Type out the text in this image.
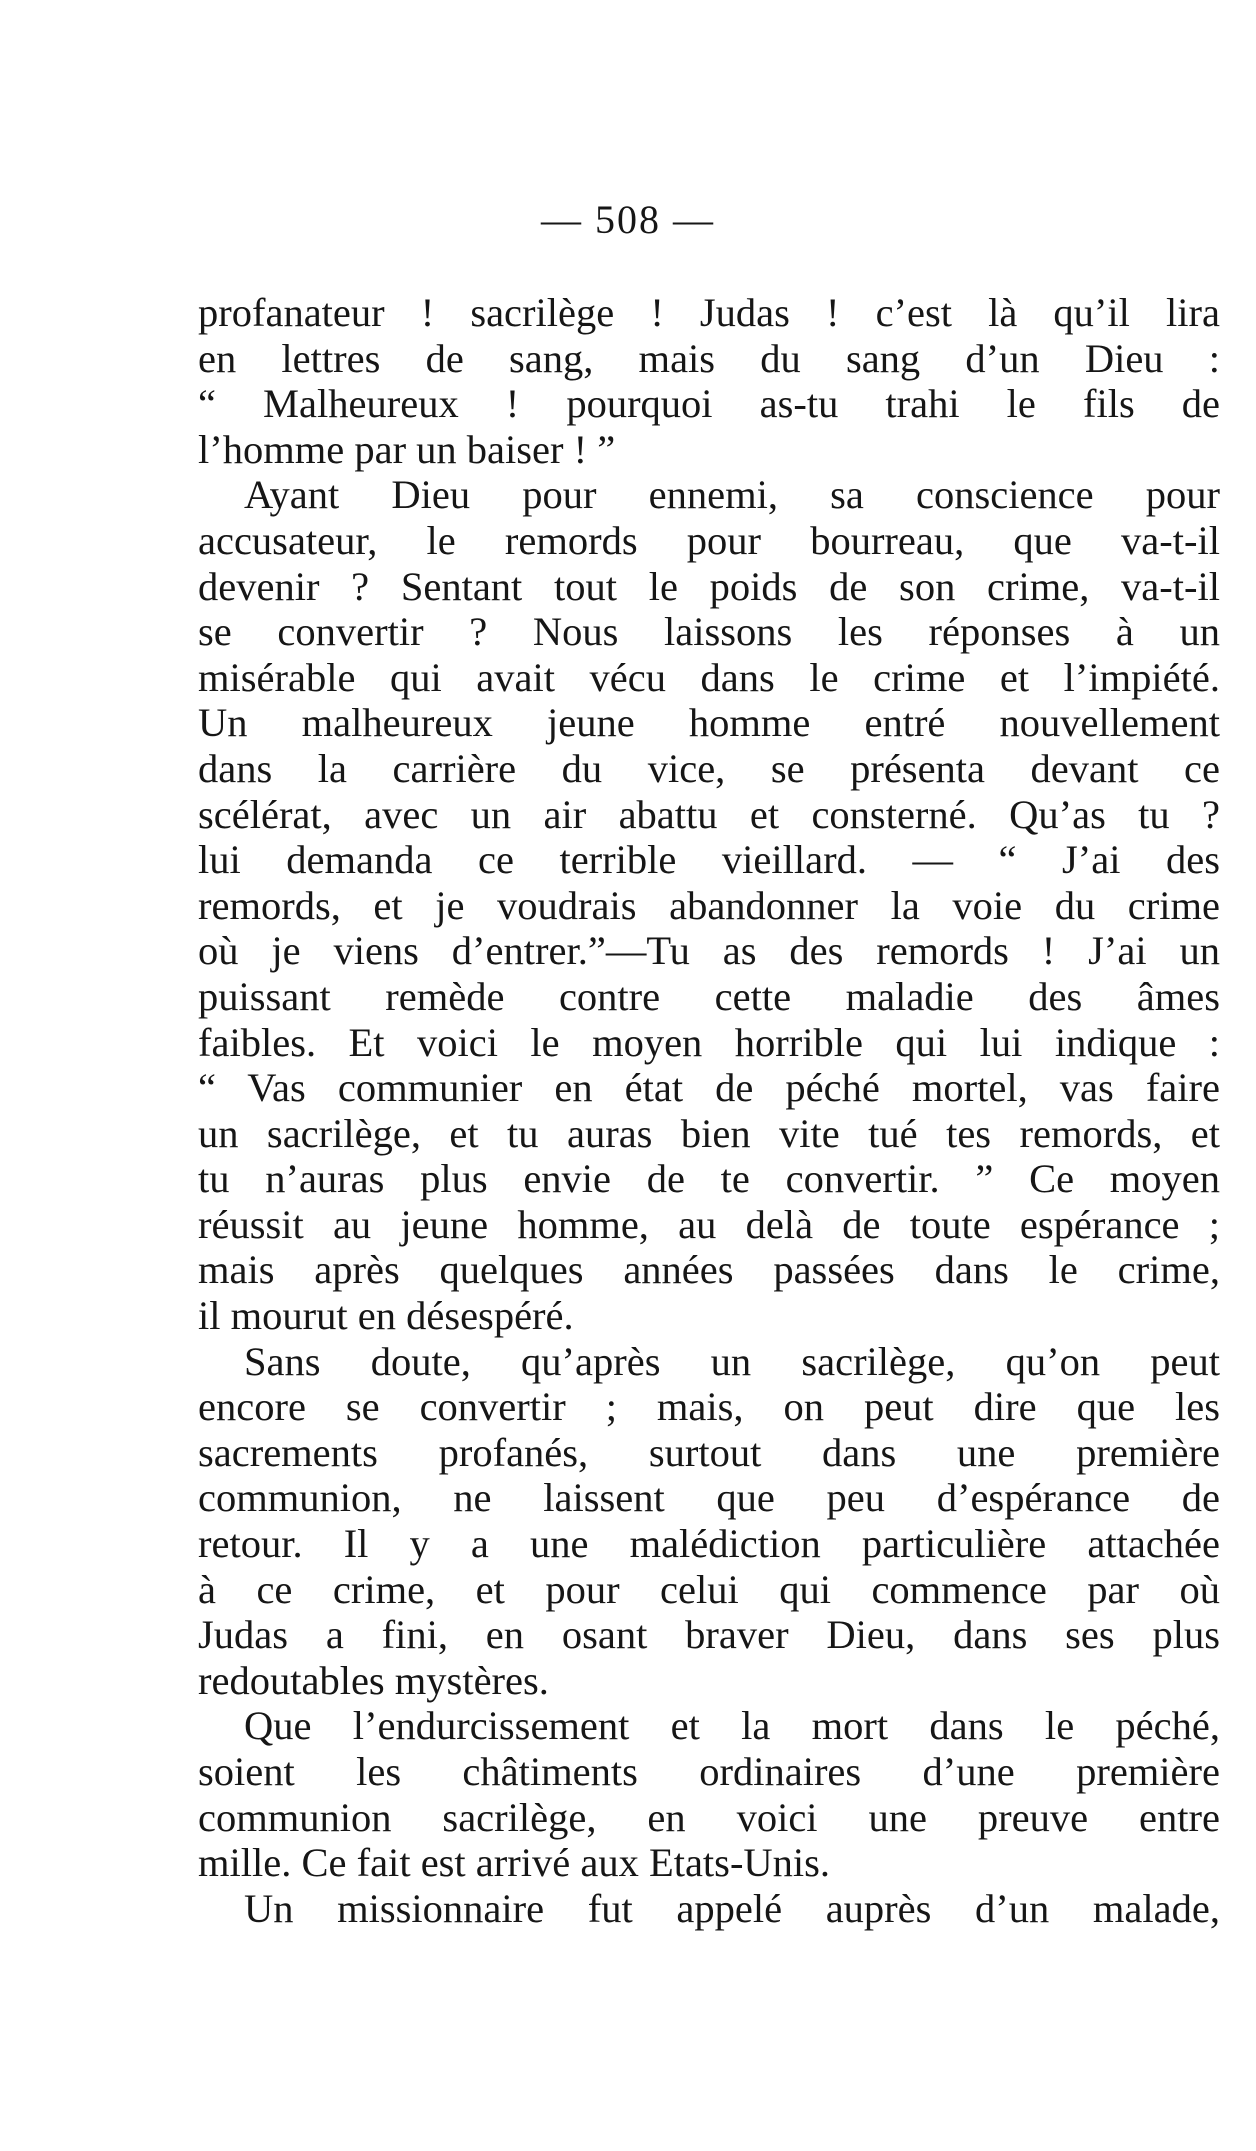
— 508 —
profanateur ! sacrilège ! Judas ! c’est là qu’il lira
en lettres de sang, mais du sang d’un Dieu :
“ Malheureux ! pourquoi as-tu trahi le fils de
l’homme par un baiser ! ”
Ayant Dieu pour ennemi, sa conscience pour
accusateur, le remords pour bourreau, que va-t-il
devenir ? Sentant tout le poids de son crime, va-t-il
se convertir ? Nous laissons les réponses à un
misérable qui avait vécu dans le crime et l’impiété.
Un malheureux jeune homme entré nouvellement
dans la carrière du vice, se présenta devant ce
scélérat, avec un air abattu et consterné. Qu’as tu ?
lui demanda ce terrible vieillard. — “ J’ai des
remords, et je voudrais abandonner la voie du crime
où je viens d’entrer.”—Tu as des remords ! J’ai un
puissant remède contre cette maladie des âmes
faibles. Et voici le moyen horrible qui lui indique :
“ Vas communier en état de péché mortel, vas faire
un sacrilège, et tu auras bien vite tué tes remords, et
tu n’auras plus envie de te convertir. ” Ce moyen
réussit au jeune homme, au delà de toute espérance ;
mais après quelques années passées dans le crime,
il mourut en désespéré.
Sans doute, qu’après un sacrilège, qu’on peut
encore se convertir ; mais, on peut dire que les
sacrements profanés, surtout dans une première
communion, ne laissent que peu d’espérance de
retour. Il y a une malédiction particulière attachée
à ce crime, et pour celui qui commence par où
Judas a fini, en osant braver Dieu, dans ses plus
redoutables mystères.
Que l’endurcissement et la mort dans le péché,
soient les châtiments ordinaires d’une première
communion sacrilège, en voici une preuve entre
mille. Ce fait est arrivé aux Etats-Unis.
Un missionnaire fut appelé auprès d’un malade,
